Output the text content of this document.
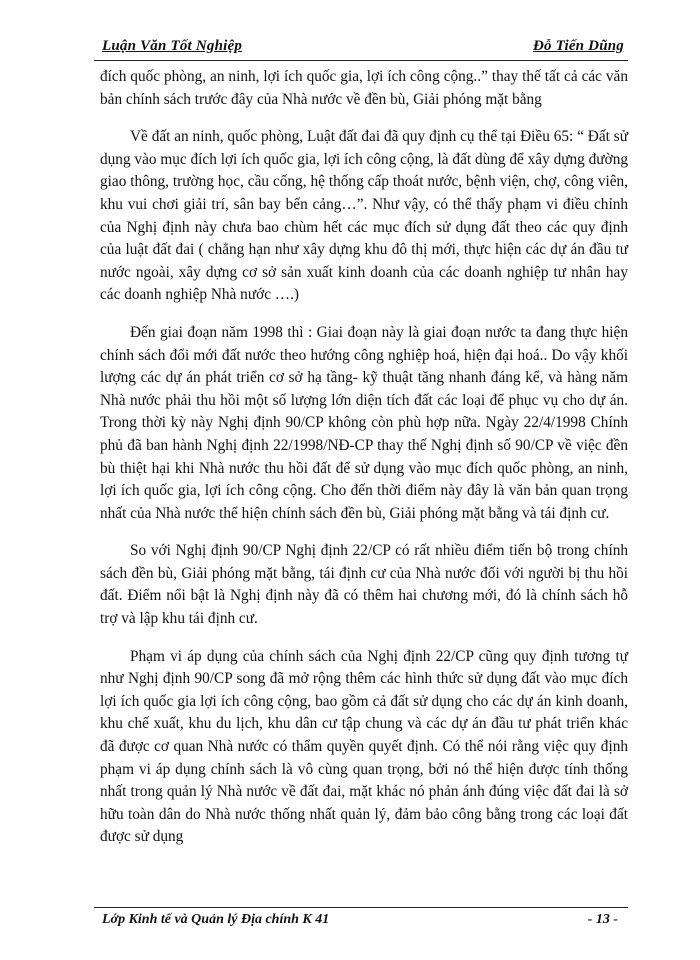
Luận Văn Tốt Nghiệp	Đỗ Tiến Dũng

đích quốc phòng, an ninh, lợi ích quốc gia, lợi ích công cộng..” thay thế tất cả các văn bản chính sách trước đây của Nhà nước về đền bù, Giải phóng mặt bằng

Về đất an ninh, quốc phòng, Luật đất đai đã quy định cụ thể tại Điều 65: “ Đất sử dụng vào mục đích lợi ích quốc gia, lợi ích công cộng, là đất dùng để xây dựng đường giao thông, trường học, cầu cống, hệ thống cấp thoát nước, bệnh viện, chợ, công viên, khu vui chơi giải trí, sân bay bến cảng…”. Như vậy, có thể thấy phạm vi điều chỉnh của Nghị định này chưa bao chùm hết các mục đích sử dụng đất theo các quy định của luật đất đai ( chẳng hạn như xây dựng khu đô thị mới, thực hiện các dự án đầu tư nước ngoài, xây dựng cơ sở sản xuất kinh doanh của các doanh nghiệp tư nhân hay các doanh nghiệp Nhà nước ….)

Đến giai đoạn năm 1998 thì : Giai đoạn này là giai đoạn nước ta đang thực hiện chính sách đổi mới đất nước theo hướng công nghiệp hoá, hiện đại hoá.. Do vậy khối lượng các dự án phát triển cơ sở hạ tầng- kỹ thuật tăng nhanh đáng kể, và hàng năm Nhà nước phải thu hồi một số lượng lớn diện tích đất các loại để phục vụ cho dự án. Trong thời kỳ này Nghị định 90/CP không còn phù hợp nữa. Ngày 22/4/1998 Chính phủ đã ban hành Nghị định 22/1998/NĐ-CP thay thế Nghị định số 90/CP về việc đền bù thiệt hại khi Nhà nước thu hồi đất để sử dụng vào mục đích quốc phòng, an ninh, lợi ích quốc gia, lợi ích công cộng. Cho đến thời điểm này đây là văn bản quan trọng nhất của Nhà nước thể hiện chính sách đền bù, Giải phóng mặt bằng và tái định cư.

So với Nghị định 90/CP Nghị định 22/CP có rất nhiều điểm tiến bộ trong chính sách đền bù, Giải phóng mặt bằng, tái định cư của Nhà nước đối với người bị thu hồi đất. Điểm nổi bật là Nghị định này đã có thêm hai chương mới, đó là chính sách hỗ trợ và lập khu tái định cư.

Phạm vi áp dụng của chính sách của Nghị định 22/CP cũng quy định tương tự như Nghị định 90/CP song đã mở rộng thêm các hình thức sử dụng đất vào mục đích lợi ích quốc gia lợi ích công cộng, bao gồm cả đất sử dụng cho các dự án kinh doanh, khu chế xuất, khu du lịch, khu dân cư tập chung và các dự án đầu tư phát triển khác đã được cơ quan Nhà nước có thẩm quyền quyết định. Có thể nói rằng việc quy định phạm vi áp dụng chính sách là vô cùng quan trọng, bởi nó thể hiện được tính thống nhất trong quản lý Nhà nước về đất đai, mặt khác nó phản ánh đúng việc đất đai là sở hữu toàn dân do Nhà nước thống nhất quản lý, đảm bảo công bằng trong các loại đất được sử dụng

Lớp Kinh tế và Quản lý Địa chính K 41	- 13 -
